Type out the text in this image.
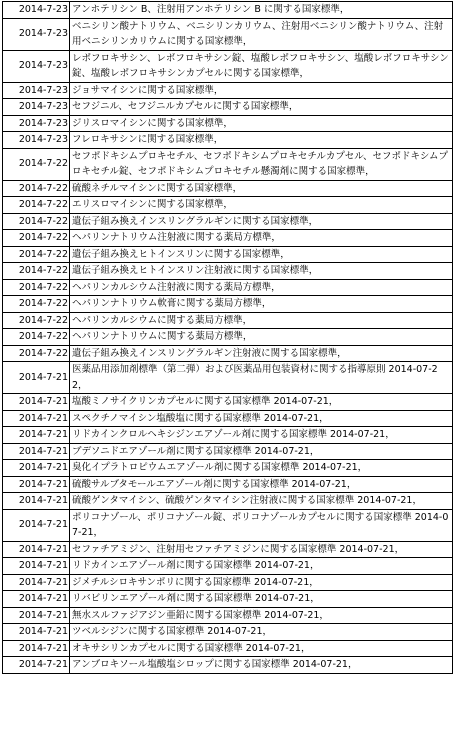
2014-7-23	アンホテリシン B、注射用アンホテリシン B に関する国家標準，
2014-7-23	ベニシリン酸ナトリウム、ベニシリンカリウム、注射用ベニシリン酸ナトリウム、注射用ベニシリンカリウムに関する国家標準，
2014-7-23	レボフロキサシン、レボフロキサシン錠、塩酸レボフロキサシン、塩酸レボフロキサシン錠、塩酸レボフロキサシンカプセルに関する国家標準，
2014-7-23	ジョサマイシンに関する国家標準，
2014-7-23	セフジニル、セフジニルカプセルに関する国家標準，
2014-7-23	ジリスロマイシンに関する国家標準，
2014-7-23	フレロキサシンに関する国家標準，
2014-7-22	セフポドキシムプロキセチル、セフポドキシムプロキセチルカプセル、セフポドキシムプロキセチル錠、セフポドキシムプロキセチル懸濁剤に関する国家標準，
2014-7-22	硫酸ネチルマイシンに関する国家標準，
2014-7-22	エリスロマイシンに関する国家標準，
2014-7-22	遺伝子組み換えインスリングラルギンに関する国家標準，
2014-7-22	ヘパリンナトリウム注射液に関する薬局方標準，
2014-7-22	遺伝子組み換えヒトインスリンに関する国家標準，
2014-7-22	遺伝子組み換えヒトインスリン注射液に関する国家標準，
2014-7-22	ヘパリンカルシウム注射液に関する薬局方標準，
2014-7-22	ヘパリンナトリウム軟膏に関する薬局方標準，
2014-7-22	ヘパリンカルシウムに関する薬局方標準，
2014-7-22	ヘパリンナトリウムに関する薬局方標準，
2014-7-22	遺伝子組み換えインスリングラルギン注射液に関する国家標準，
2014-7-21	医薬品用添加剤標準（第二弾）および医薬品用包装資材に関する指導原則 2014-07-22，
2014-7-21	塩酸ミノサイクリンカプセルに関する国家標準 2014-07-21，
2014-7-21	スペクチノマイシン塩酸塩に関する国家標準 2014-07-21，
2014-7-21	リドカインクロルヘキシジンエアゾール剤に関する国家標準 2014-07-21，
2014-7-21	ブデソニドエアゾール剤に関する国家標準 2014-07-21，
2014-7-21	臭化イプラトロピウムエアゾール剤に関する国家標準 2014-07-21，
2014-7-21	硫酸サルブタモールエアゾール剤に関する国家標準 2014-07-21，
2014-7-21	硫酸ゲンタマイシン、硫酸ゲンタマイシン注射液に関する国家標準 2014-07-21，
2014-7-21	ポリコナゾール、ポリコナゾール錠、ポリコナゾールカプセルに関する国家標準 2014-07-21，
2014-7-21	セファチアミジン、注射用セファチアミジンに関する国家標準 2014-07-21，
2014-7-21	リドカインエアゾール剤に関する国家標準 2014-07-21，
2014-7-21	ジメチルシロキサンポリに関する国家標準 2014-07-21，
2014-7-21	リバビリンエアゾール剤に関する国家標準 2014-07-21，
2014-7-21	無水スルファジアジン亜鉛に関する国家標準 2014-07-21，
2014-7-21	ツベルシジンに関する国家標準 2014-07-21，
2014-7-21	オキサシリンカプセルに関する国家標準 2014-07-21，
2014-7-21	アンブロキソール塩酸塩シロップに関する国家標準 2014-07-21，
